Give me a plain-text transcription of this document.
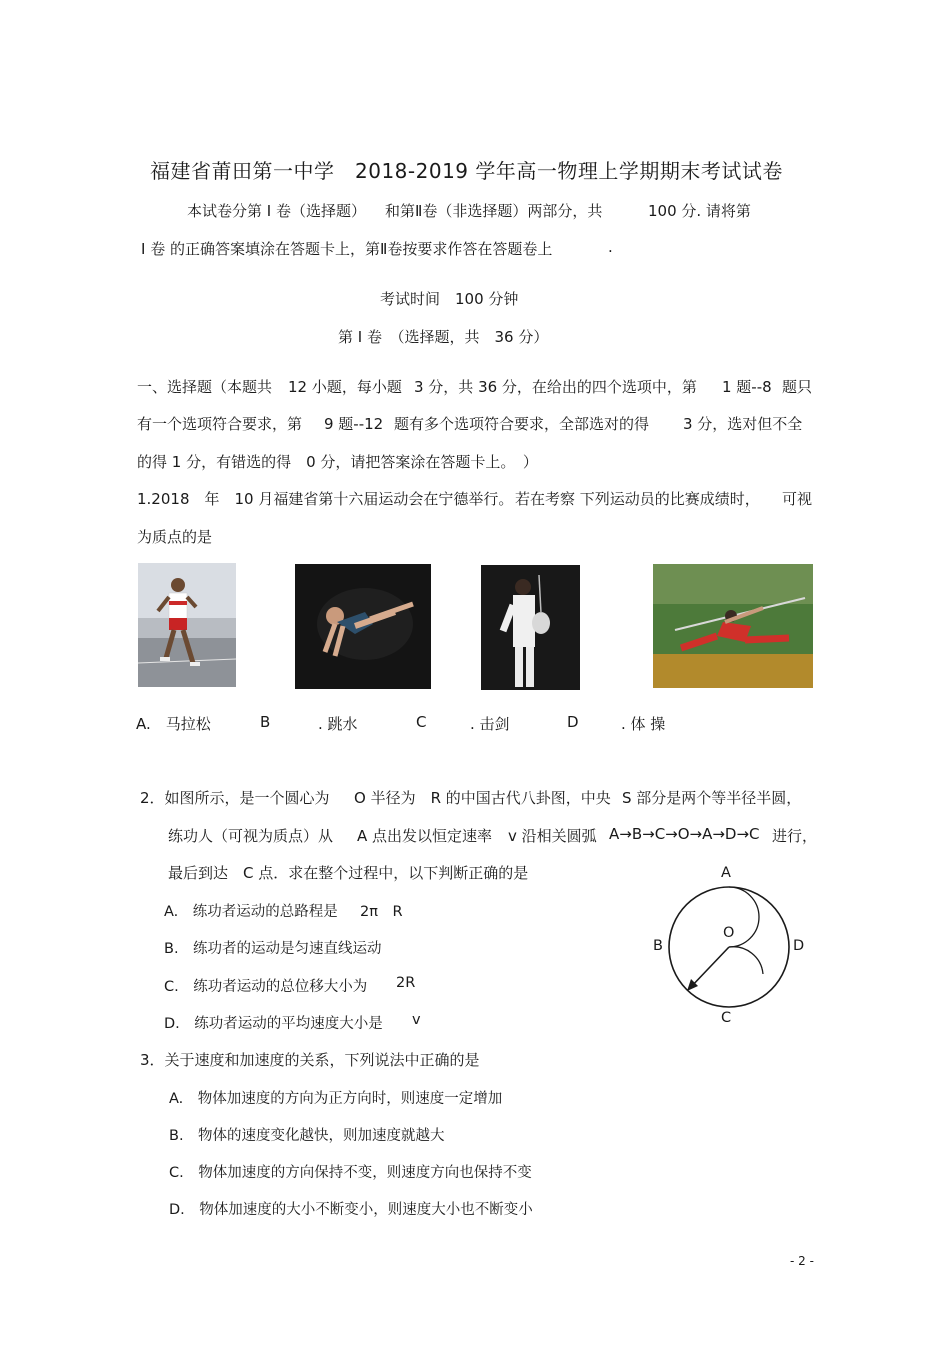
福建省莆田第一中学　2018-2019 学年高一物理上学期期末考试试卷
本试卷分第 I 卷（选择题） 和第Ⅱ卷（非选择题）两部分，共	100 分. 请将第
I 卷 的正确答案填涂在答题卡上，第Ⅱ卷按要求作答在答题卷上	.
考试时间　100 分钟
第 I 卷　（选择题，共　36 分）
一、选择题（本题共 12 小题，每小题 3 分，共 36 分，在给出的四个选项中，第 1 题--8 题只
有一个选项符合要求，第 9 题--12 题有多个选项符合要求，全部选对的得 3 分，选对但不全
的得 1 分，有错选的得　0 分，请把答案涂在答题卡上。　）
1.2018　年　10 月福建省第十六届运动会在宁德举行。 若在考察 下列运动员的比赛成绩时， 可视
为质点的是
A.　马拉松	B	. 跳水	C	. 击剑	D	. 体 操
2．如图所示，是一个圆心为 O 半径为　R 的中国古代八卦图，中央 S 部分是两个等半径半圆，
练功人（可视为质点）从 A 点出发以恒定速率 v 沿相关圆弧 A→B→C→O→A→D→C 进行，
最后到达　C 点．求在整个过程中，以下判断正确的是
A.　练功者运动的总路程是 2π　R
B.　练功者的运动是匀速直线运动
C.　练功者运动的总位移大小为 2R
D.　练功者运动的平均速度大小是 v
A
B	D
O
C
3．关于速度和加速度的关系，下列说法中正确的是
A.　物体加速度的方向为正方向时，则速度一定增加
B.　物体的速度变化越快，则加速度就越大
C.　物体加速度的方向保持不变，则速度方向也保持不变
D.　物体加速度的大小不断变小，则速度大小也不断变小
- 2 -
